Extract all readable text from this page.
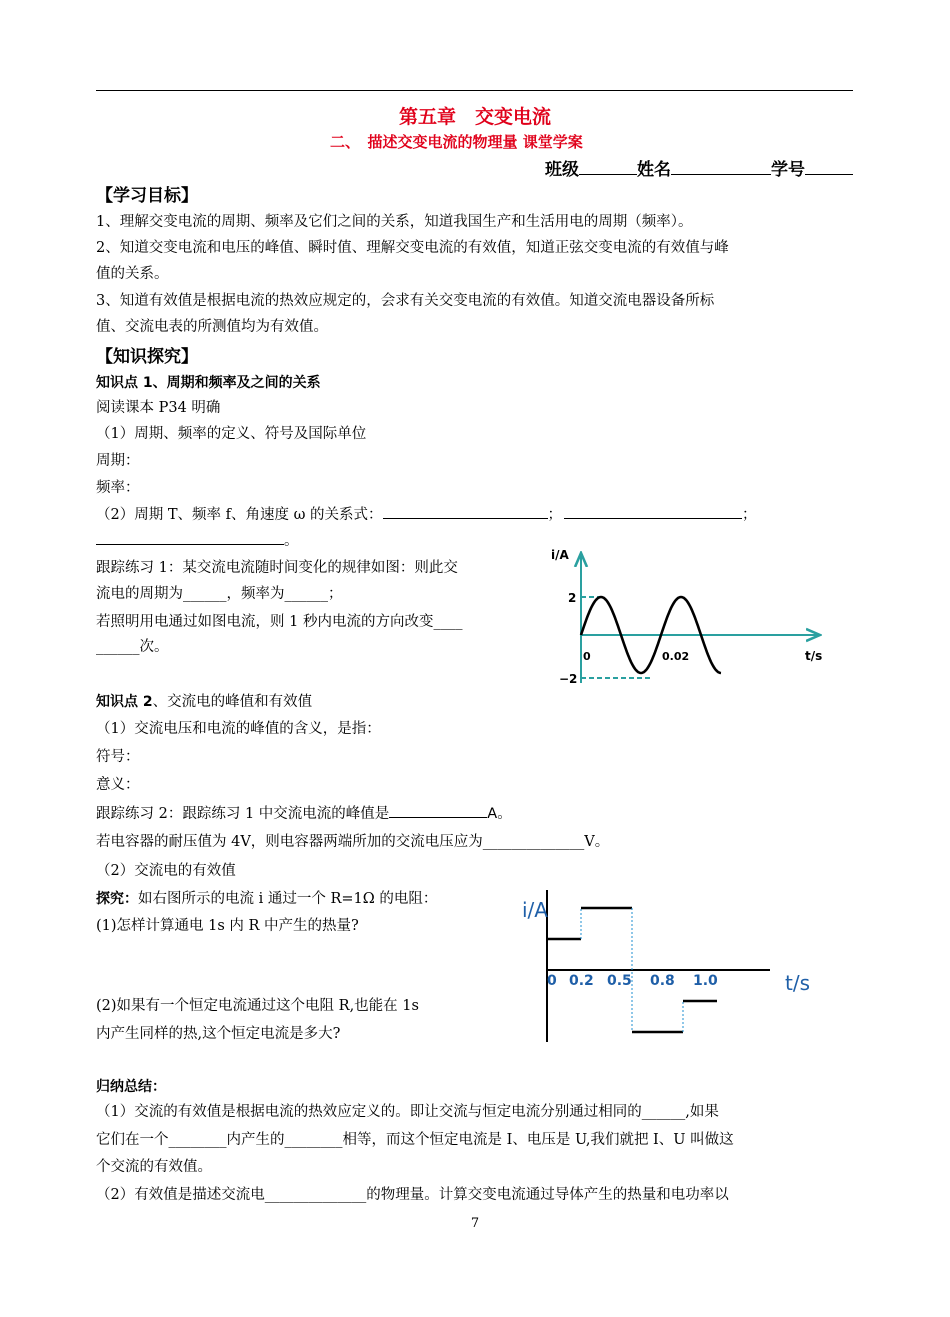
第五章　交变电流
二、　描述交变电流的物理量 课堂学案
班级	姓名	学号
【学习目标】
1、理解交变电流的周期、频率及它们之间的关系，知道我国生产和生活用电的周期（频率）。
2、知道交变电流和电压的峰值、瞬时值、理解交变电流的有效值，知道正弦交变电流的有效值与峰
值的关系。
3、知道有效值是根据电流的热效应规定的，会求有关交变电流的有效值。知道交流电器设备所标
值、交流电表的所测值均为有效值。
【知识探究】
知识点 1、周期和频率及之间的关系
阅读课本 P34 明确
（1）周期、频率的定义、符号及国际单位
周期：
频率：
（2）周期 T、频率 f、角速度 ω 的关系式：	；	；
。
跟踪练习 1：某交流电流随时间变化的规律如图：则此交
流电的周期为______，频率为______；
若照明用电通过如图电流，则 1 秒内电流的方向改变____
______次。
i/A
2
−2
0	0.02	t/s
知识点 2、交流电的峰值和有效值
（1）交流电压和电流的峰值的含义，是指：
符号：
意义：
跟踪练习 2：跟踪练习 1 中交流电流的峰值是	A。
若电容器的耐压值为 4V，则电容器两端所加的交流电压应为______________V。
（2）交流电的有效值
探究：如右图所示的电流 i 通过一个 R=1Ω 的电阻：
(1)怎样计算通电 1s 内 R 中产生的热量?
(2)如果有一个恒定电流通过这个电阻 R,也能在 1s
内产生同样的热,这个恒定电流是多大?
i/A
t/s
0 0.2 0.5 0.8 1.0
归纳总结：
（1）交流的有效值是根据电流的热效应定义的。即让交流与恒定电流分别通过相同的______,如果
它们在一个________内产生的________相等，而这个恒定电流是 I、电压是 U,我们就把 I、U 叫做这
个交流的有效值。
（2）有效值是描述交流电______________的物理量。计算交变电流通过导体产生的热量和电功率以
7
